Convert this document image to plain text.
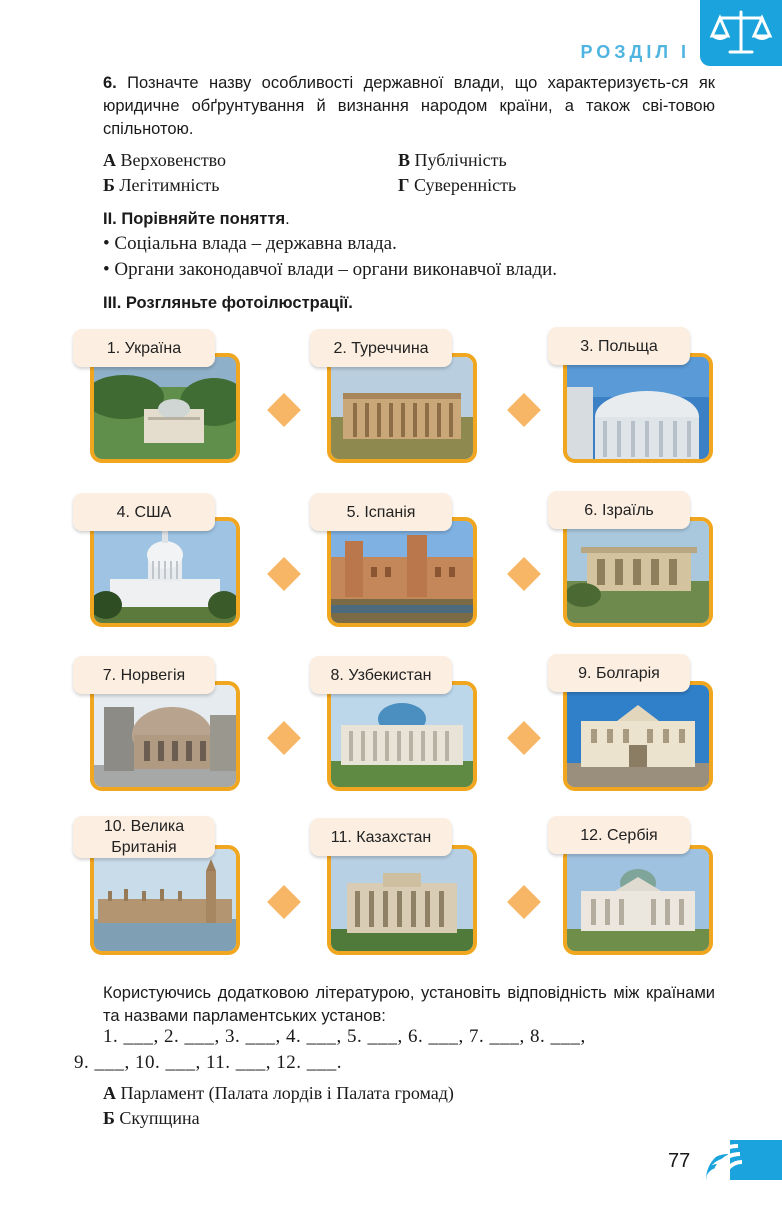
РОЗДІЛ І
6. Позначте назву особливості державної влади, що характеризуєть-ся як юридичне обґрунтування й визнання народом країни, а також сві-товою спільнотою.
А Верховенство	В Публічність
Б Легітимність	Г Суверенність
II. Порівняйте поняття.
• Соціальна влада – державна влада.
• Органи законодавчої влади – органи виконавчої влади.
III. Розгляньте фотоілюстрації.
1. Україна	2. Туреччина	3. Польща
4. США	5. Іспанія	6. Ізраїль
7. Норвегія	8. Узбекистан	9. Болгарія
10. Велика Британія
11. Казахстан	12. Сербія
Користуючись додатковою літературою, установіть відповідність між країнами та назвами парламентських установ:
1. ___, 2. ___, 3. ___, 4. ___, 5. ___, 6. ___, 7. ___, 8. ___,
9. ___, 10. ___, 11. ___, 12. ___.
А Парламент (Палата лордів і Палата громад)
Б Скупщина
77
